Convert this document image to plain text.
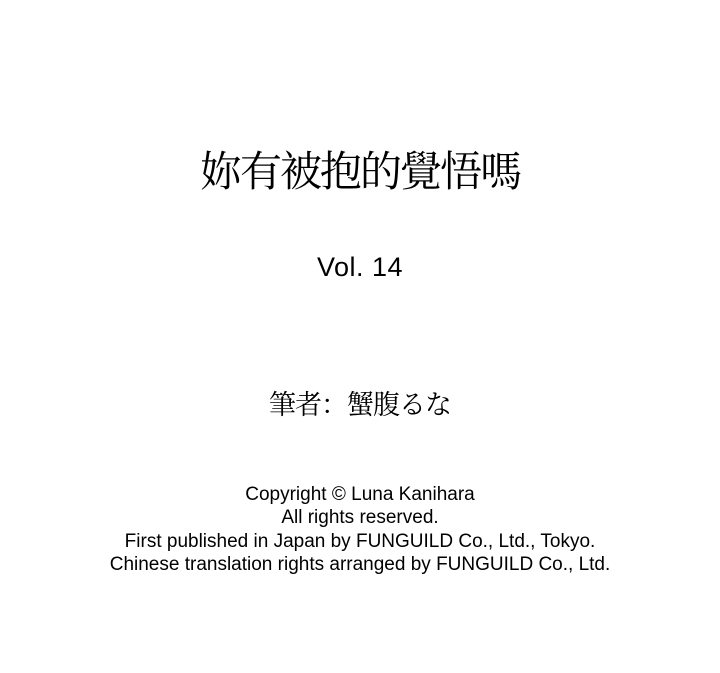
妳有被抱的覺悟嗎
Vol. 14
筆者：蟹腹るな
Copyright © Luna Kanihara
All rights reserved.
First published in Japan by FUNGUILD Co., Ltd., Tokyo.
Chinese translation rights arranged by FUNGUILD Co., Ltd.
